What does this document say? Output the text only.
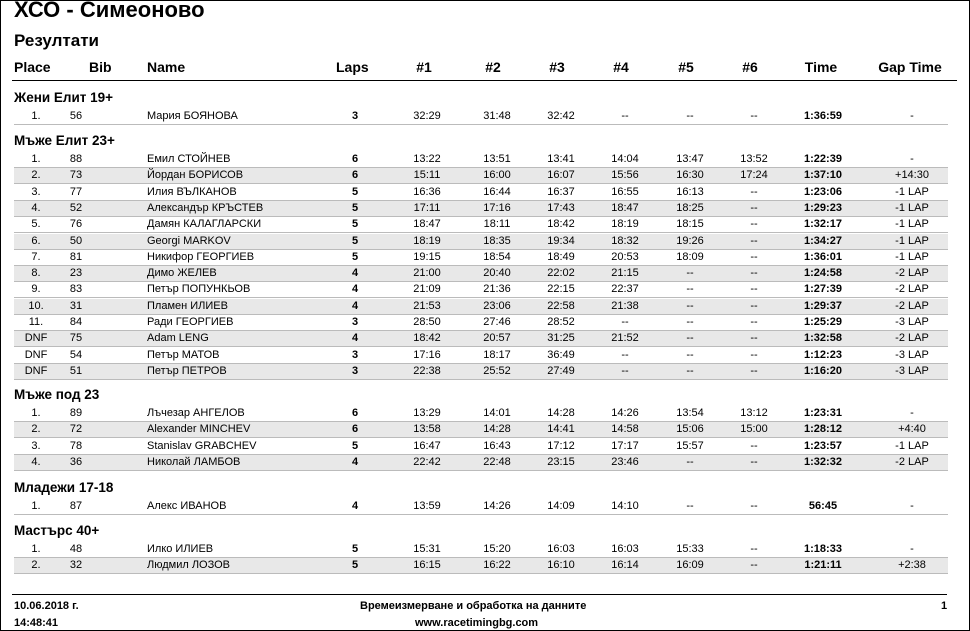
ХСО - Симеоново
Резултати
Place	Bib	Name	Laps	#1	#2	#3	#4	#5	#6	Time	Gap Time
Жени Елит 19+
1.	56	Мария БОЯНОВА	3	32:29	31:48	32:42	--	--	--	1:36:59	-
Мъже Елит 23+
1.	88	Емил СТОЙНЕВ	6	13:22	13:51	13:41	14:04	13:47	13:52	1:22:39	-
2.	73	Йордан БОРИСОВ	6	15:11	16:00	16:07	15:56	16:30	17:24	1:37:10	+14:30
3.	77	Илия ВЪЛКАНОВ	5	16:36	16:44	16:37	16:55	16:13	--	1:23:06	-1 LAP
4.	52	Александър КРЪСТЕВ	5	17:11	17:16	17:43	18:47	18:25	--	1:29:23	-1 LAP
5.	76	Дамян КАЛАГЛАРСКИ	5	18:47	18:11	18:42	18:19	18:15	--	1:32:17	-1 LAP
6.	50	Georgi MARKOV	5	18:19	18:35	19:34	18:32	19:26	--	1:34:27	-1 LAP
7.	81	Никифор ГЕОРГИЕВ	5	19:15	18:54	18:49	20:53	18:09	--	1:36:01	-1 LAP
8.	23	Димо ЖЕЛЕВ	4	21:00	20:40	22:02	21:15	--	--	1:24:58	-2 LAP
9.	83	Петър ПОПУНКЬОВ	4	21:09	21:36	22:15	22:37	--	--	1:27:39	-2 LAP
10.	31	Пламен ИЛИЕВ	4	21:53	23:06	22:58	21:38	--	--	1:29:37	-2 LAP
11.	84	Ради ГЕОРГИЕВ	3	28:50	27:46	28:52	--	--	--	1:25:29	-3 LAP
DNF	75	Adam LENG	4	18:42	20:57	31:25	21:52	--	--	1:32:58	-2 LAP
DNF	54	Петър МАТОВ	3	17:16	18:17	36:49	--	--	--	1:12:23	-3 LAP
DNF	51	Петър ПЕТРОВ	3	22:38	25:52	27:49	--	--	--	1:16:20	-3 LAP
Мъже под 23
1.	89	Лъчезар АНГЕЛОВ	6	13:29	14:01	14:28	14:26	13:54	13:12	1:23:31	-
2.	72	Alexander MINCHEV	6	13:58	14:28	14:41	14:58	15:06	15:00	1:28:12	+4:40
3.	78	Stanislav GRABCHEV	5	16:47	16:43	17:12	17:17	15:57	--	1:23:57	-1 LAP
4.	36	Николай ЛАМБОВ	4	22:42	22:48	23:15	23:46	--	--	1:32:32	-2 LAP
Младежи 17-18
1.	87	Алекс ИВАНОВ	4	13:59	14:26	14:09	14:10	--	--	56:45	-
Мастърс 40+
1.	48	Илко ИЛИЕВ	5	15:31	15:20	16:03	16:03	15:33	--	1:18:33	-
2.	32	Людмил ЛОЗОВ	5	16:15	16:22	16:10	16:14	16:09	--	1:21:11	+2:38
10.06.2018 г.
14:48:41
Времеизмерване и обработка на данните
www.racetimingbg.com
1
